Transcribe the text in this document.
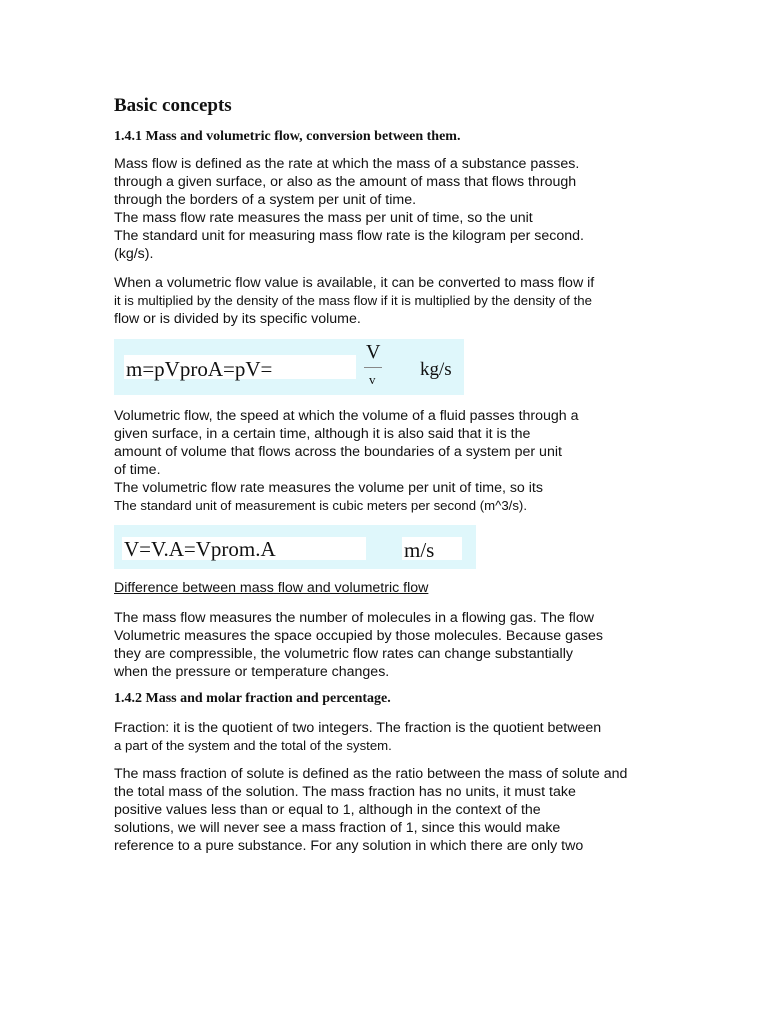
Basic concepts
1.4.1 Mass and volumetric flow, conversion between them.
Mass flow is defined as the rate at which the mass of a substance passes.
through a given surface, or also as the amount of mass that flows through
through the borders of a system per unit of time.
The mass flow rate measures the mass per unit of time, so the unit
The standard unit for measuring mass flow rate is the kilogram per second.
(kg/s).
When a volumetric flow value is available, it can be converted to mass flow if
it is multiplied by the density of the mass flow if it is multiplied by the density of the
flow or is divided by its specific volume.
m=pVproA=pV=
V
v kg/s
Volumetric flow, the speed at which the volume of a fluid passes through a
given surface, in a certain time, although it is also said that it is the
amount of volume that flows across the boundaries of a system per unit
of time.
The volumetric flow rate measures the volume per unit of time, so its
The standard unit of measurement is cubic meters per second (m^3/s).
V=V.A=Vprom.A	m/s
Difference between mass flow and volumetric flow
The mass flow measures the number of molecules in a flowing gas. The flow
Volumetric measures the space occupied by those molecules. Because gases
they are compressible, the volumetric flow rates can change substantially
when the pressure or temperature changes.
1.4.2 Mass and molar fraction and percentage.
Fraction: it is the quotient of two integers. The fraction is the quotient between
a part of the system and the total of the system.
The mass fraction of solute is defined as the ratio between the mass of solute and
the total mass of the solution. The mass fraction has no units, it must take
positive values less than or equal to 1, although in the context of the
solutions, we will never see a mass fraction of 1, since this would make
reference to a pure substance. For any solution in which there are only two
